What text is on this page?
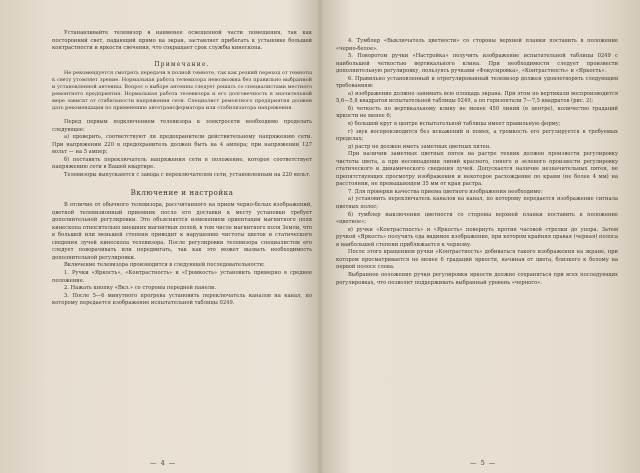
Устанавливайте телевизор в наименее освещенной части помещения, так как посторонний свет, падающий прямо на экран, заставляет прибегать к установке большей контрастности и яркости свечения, что сокращает срок службы кинескопа.

Примечание.

Не рекомендуется смотреть передачи в полной темноте, так как резкий переход от темноты к свету утомляет зрение. Нормальная работа телевизора невозможна без правильно выбранной и установленной антенны. Вопрос о выборе антенны следует решать со специалистами местного ремонтного предприятия. Нормальная работа телевизора и его долговечность в значительной мере зависят от стабильности напряжения сети. Специалист ремонтного предприятия должен дать рекомендации по применению автотрансформатора или стабилизатора напряжения.

Перед первым подключением телевизора к электросети необходимо проделать следующее:

а) проверить, соответствуют ли предохранители действительному напряжению сети. При напряжении 220 в предохранитель должен быть на 4 ампера; при напряжении 127 вольт — на 5 ампер;

б) поставить переключатель напряжения сети в положение, которое соответствует напряжению сети в Вашей квартире.

Телевизоры выпускаются с завода с переключателем сети, установленным на 220 вольт.

Включение и настройка

В отличие от обычного телевизора, рассчитанного на прием черно-белых изображений, цветной телевизионный приемник после его доставки к месту установки требует дополнительной регулировки. Это объясняется изменением ориентации магнитного поля кинескопа относительно внешних магнитных полей, в том числе магнитного поля Земли, что в большей или меньшей степени приводит к нарушению чистоты цветов и статического сведения лучей кинескопа телевизора. После регулировки телевизора специалистом его следует поворачивать или передвигать, так как это может вызвать необходимость дополнительной регулировки.

Включение телевизора производится в следующей последовательности:

1. Ручки «Яркость», «Контрастность» и «Громкость» установить примерно в среднее положение.

2. Нажать кнопку «Вкл.» со стороны передней панели.

3. После 5—6 минутного прогрева установить переключатель каналов на канал, по которому передается изображение испытательной таблицы 0249.

— 4 —

4. Тумблер «Выключатель цветности» со стороны верхней планки поставить в положение «черно-белое».

5. Поворотом ручки «Настройка» получить изображение испытательной таблицы 0249 с наибольшей четкостью вертикального клина. При необходимости следует произвести дополнительную регулировку, пользуясь ручками «Фокусировка», «Контрастность» и «Яркость».

6. Правильно установленный и отрегулированный телевизор должен удовлетворять следующим требованиям:

а) изображение должно занимать всю площадь экрана. При этом по вертикали воспроизводится 5,6—5,8 квадратов испытательной таблицы 0249, а по горизонтали 7—7,5 квадратов (рис. 2);

б) четкость по вертикальному клину не менее 450 линий (в центре), количество градаций яркости не менее 6;

в) большой круг в центре испытательной таблицы имеет правильную форму;

г) звук воспроизводится без искажений и помех, а громкость его регулируется в требуемых пределах;

д) растр не должен иметь заметных цветных пятен.

При наличии заметных цветных пятен на растре техник должен произвести регулировку чистоты цвета, а при несовпадении линий красного, синего и зеленого произвести регулировку статического и динамического сведения лучей. Допускается наличие незначительных пятен, не препятствующих просмотру изображения и некоторое расхождение по краям (не более 4 мм) на расстоянии, не превышающем 35 мм от края растра.

7. Для проверки качества приема цветного изображения необходимо:

а) установить переключатель каналов на канал, по которому передается изображение сигнала цветных полос;

б) тумблер выключения цветности со стороны верхней планки поставить в положение «цветное»;

в) ручки «Контрастность» и «Яркость» повернуть против часовой стрелки до упора. Затем ручкой «Яркость» получить еда видимое изображение, при котором крайняя правая (черная) полоса в наибольшей степени приближается к черному.

После этого вращением ручки «Контрастность» добиваться такого изображения на экране, при котором просматривается не менее 6 градаций яркости, начиная от цвета, близкого к белому на первой полосе слева.

Выбранное положение ручки регулировки яркости должно сохраняться при всех последующих регулировках, что позволит поддерживать выбранный уровень «черного».

— 5 —
